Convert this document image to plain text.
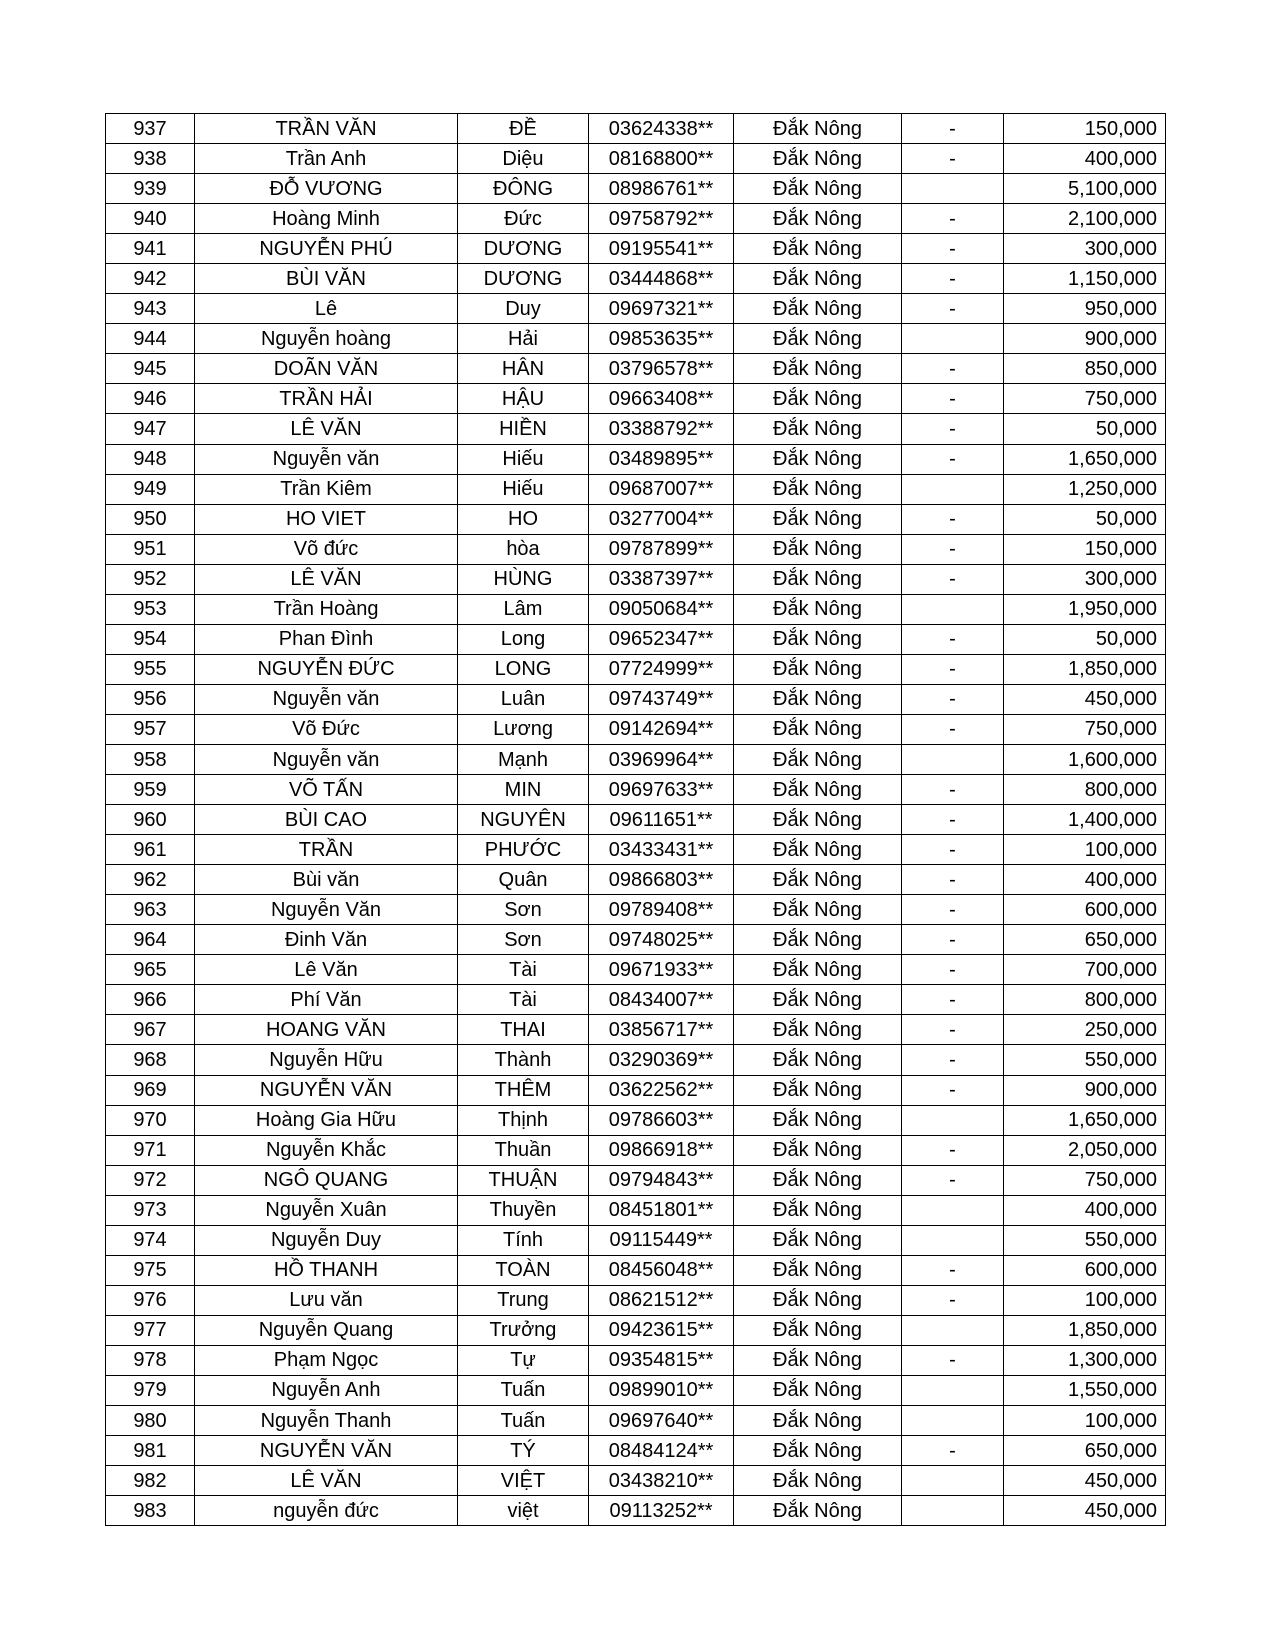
937	TRẦN VĂN	ĐỀ	03624338**	Đắk Nông	-	150,000
938	Trần Anh	Diệu	08168800**	Đắk Nông	-	400,000
939	ĐỖ VƯƠNG	ĐÔNG	08986761**	Đắk Nông		5,100,000
940	Hoàng Minh	Đức	09758792**	Đắk Nông	-	2,100,000
941	NGUYỄN PHÚ	DƯƠNG	09195541**	Đắk Nông	-	300,000
942	BÙI VĂN	DƯƠNG	03444868**	Đắk Nông	-	1,150,000
943	Lê	Duy	09697321**	Đắk Nông	-	950,000
944	Nguyễn hoàng	Hải	09853635**	Đắk Nông		900,000
945	DOÃN VĂN	HÂN	03796578**	Đắk Nông	-	850,000
946	TRẦN HẢI	HẬU	09663408**	Đắk Nông	-	750,000
947	LÊ VĂN	HIỀN	03388792**	Đắk Nông	-	50,000
948	Nguyễn văn	Hiếu	03489895**	Đắk Nông	-	1,650,000
949	Trần Kiêm	Hiếu	09687007**	Đắk Nông		1,250,000
950	HO VIET	HO	03277004**	Đắk Nông	-	50,000
951	Võ đức	hòa	09787899**	Đắk Nông	-	150,000
952	LÊ VĂN	HÙNG	03387397**	Đắk Nông	-	300,000
953	Trần Hoàng	Lâm	09050684**	Đắk Nông		1,950,000
954	Phan Đình	Long	09652347**	Đắk Nông	-	50,000
955	NGUYỄN ĐỨC	LONG	07724999**	Đắk Nông	-	1,850,000
956	Nguyễn văn	Luân	09743749**	Đắk Nông	-	450,000
957	Võ Đức	Lương	09142694**	Đắk Nông	-	750,000
958	Nguyễn văn	Mạnh	03969964**	Đắk Nông		1,600,000
959	VÕ TẤN	MIN	09697633**	Đắk Nông	-	800,000
960	BÙI CAO	NGUYÊN	09611651**	Đắk Nông	-	1,400,000
961	TRẦN	PHƯỚC	03433431**	Đắk Nông	-	100,000
962	Bùi văn	Quân	09866803**	Đắk Nông	-	400,000
963	Nguyễn Văn	Sơn	09789408**	Đắk Nông	-	600,000
964	Đinh Văn	Sơn	09748025**	Đắk Nông	-	650,000
965	Lê Văn	Tài	09671933**	Đắk Nông	-	700,000
966	Phí Văn	Tài	08434007**	Đắk Nông	-	800,000
967	HOANG VĂN	THAI	03856717**	Đắk Nông	-	250,000
968	Nguyễn Hữu	Thành	03290369**	Đắk Nông	-	550,000
969	NGUYỄN VĂN	THÊM	03622562**	Đắk Nông	-	900,000
970	Hoàng Gia Hữu	Thịnh	09786603**	Đắk Nông		1,650,000
971	Nguyễn Khắc	Thuần	09866918**	Đắk Nông	-	2,050,000
972	NGÔ QUANG	THUẬN	09794843**	Đắk Nông	-	750,000
973	Nguyễn Xuân	Thuyền	08451801**	Đắk Nông		400,000
974	Nguyễn Duy	Tính	09115449**	Đắk Nông		550,000
975	HỒ THANH	TOÀN	08456048**	Đắk Nông	-	600,000
976	Lưu văn	Trung	08621512**	Đắk Nông	-	100,000
977	Nguyễn Quang	Trưởng	09423615**	Đắk Nông		1,850,000
978	Phạm Ngọc	Tự	09354815**	Đắk Nông	-	1,300,000
979	Nguyễn Anh	Tuấn	09899010**	Đắk Nông		1,550,000
980	Nguyễn Thanh	Tuấn	09697640**	Đắk Nông		100,000
981	NGUYỄN VĂN	TÝ	08484124**	Đắk Nông	-	650,000
982	LÊ VĂN	VIỆT	03438210**	Đắk Nông		450,000
983	nguyễn đức	việt	09113252**	Đắk Nông		450,000
